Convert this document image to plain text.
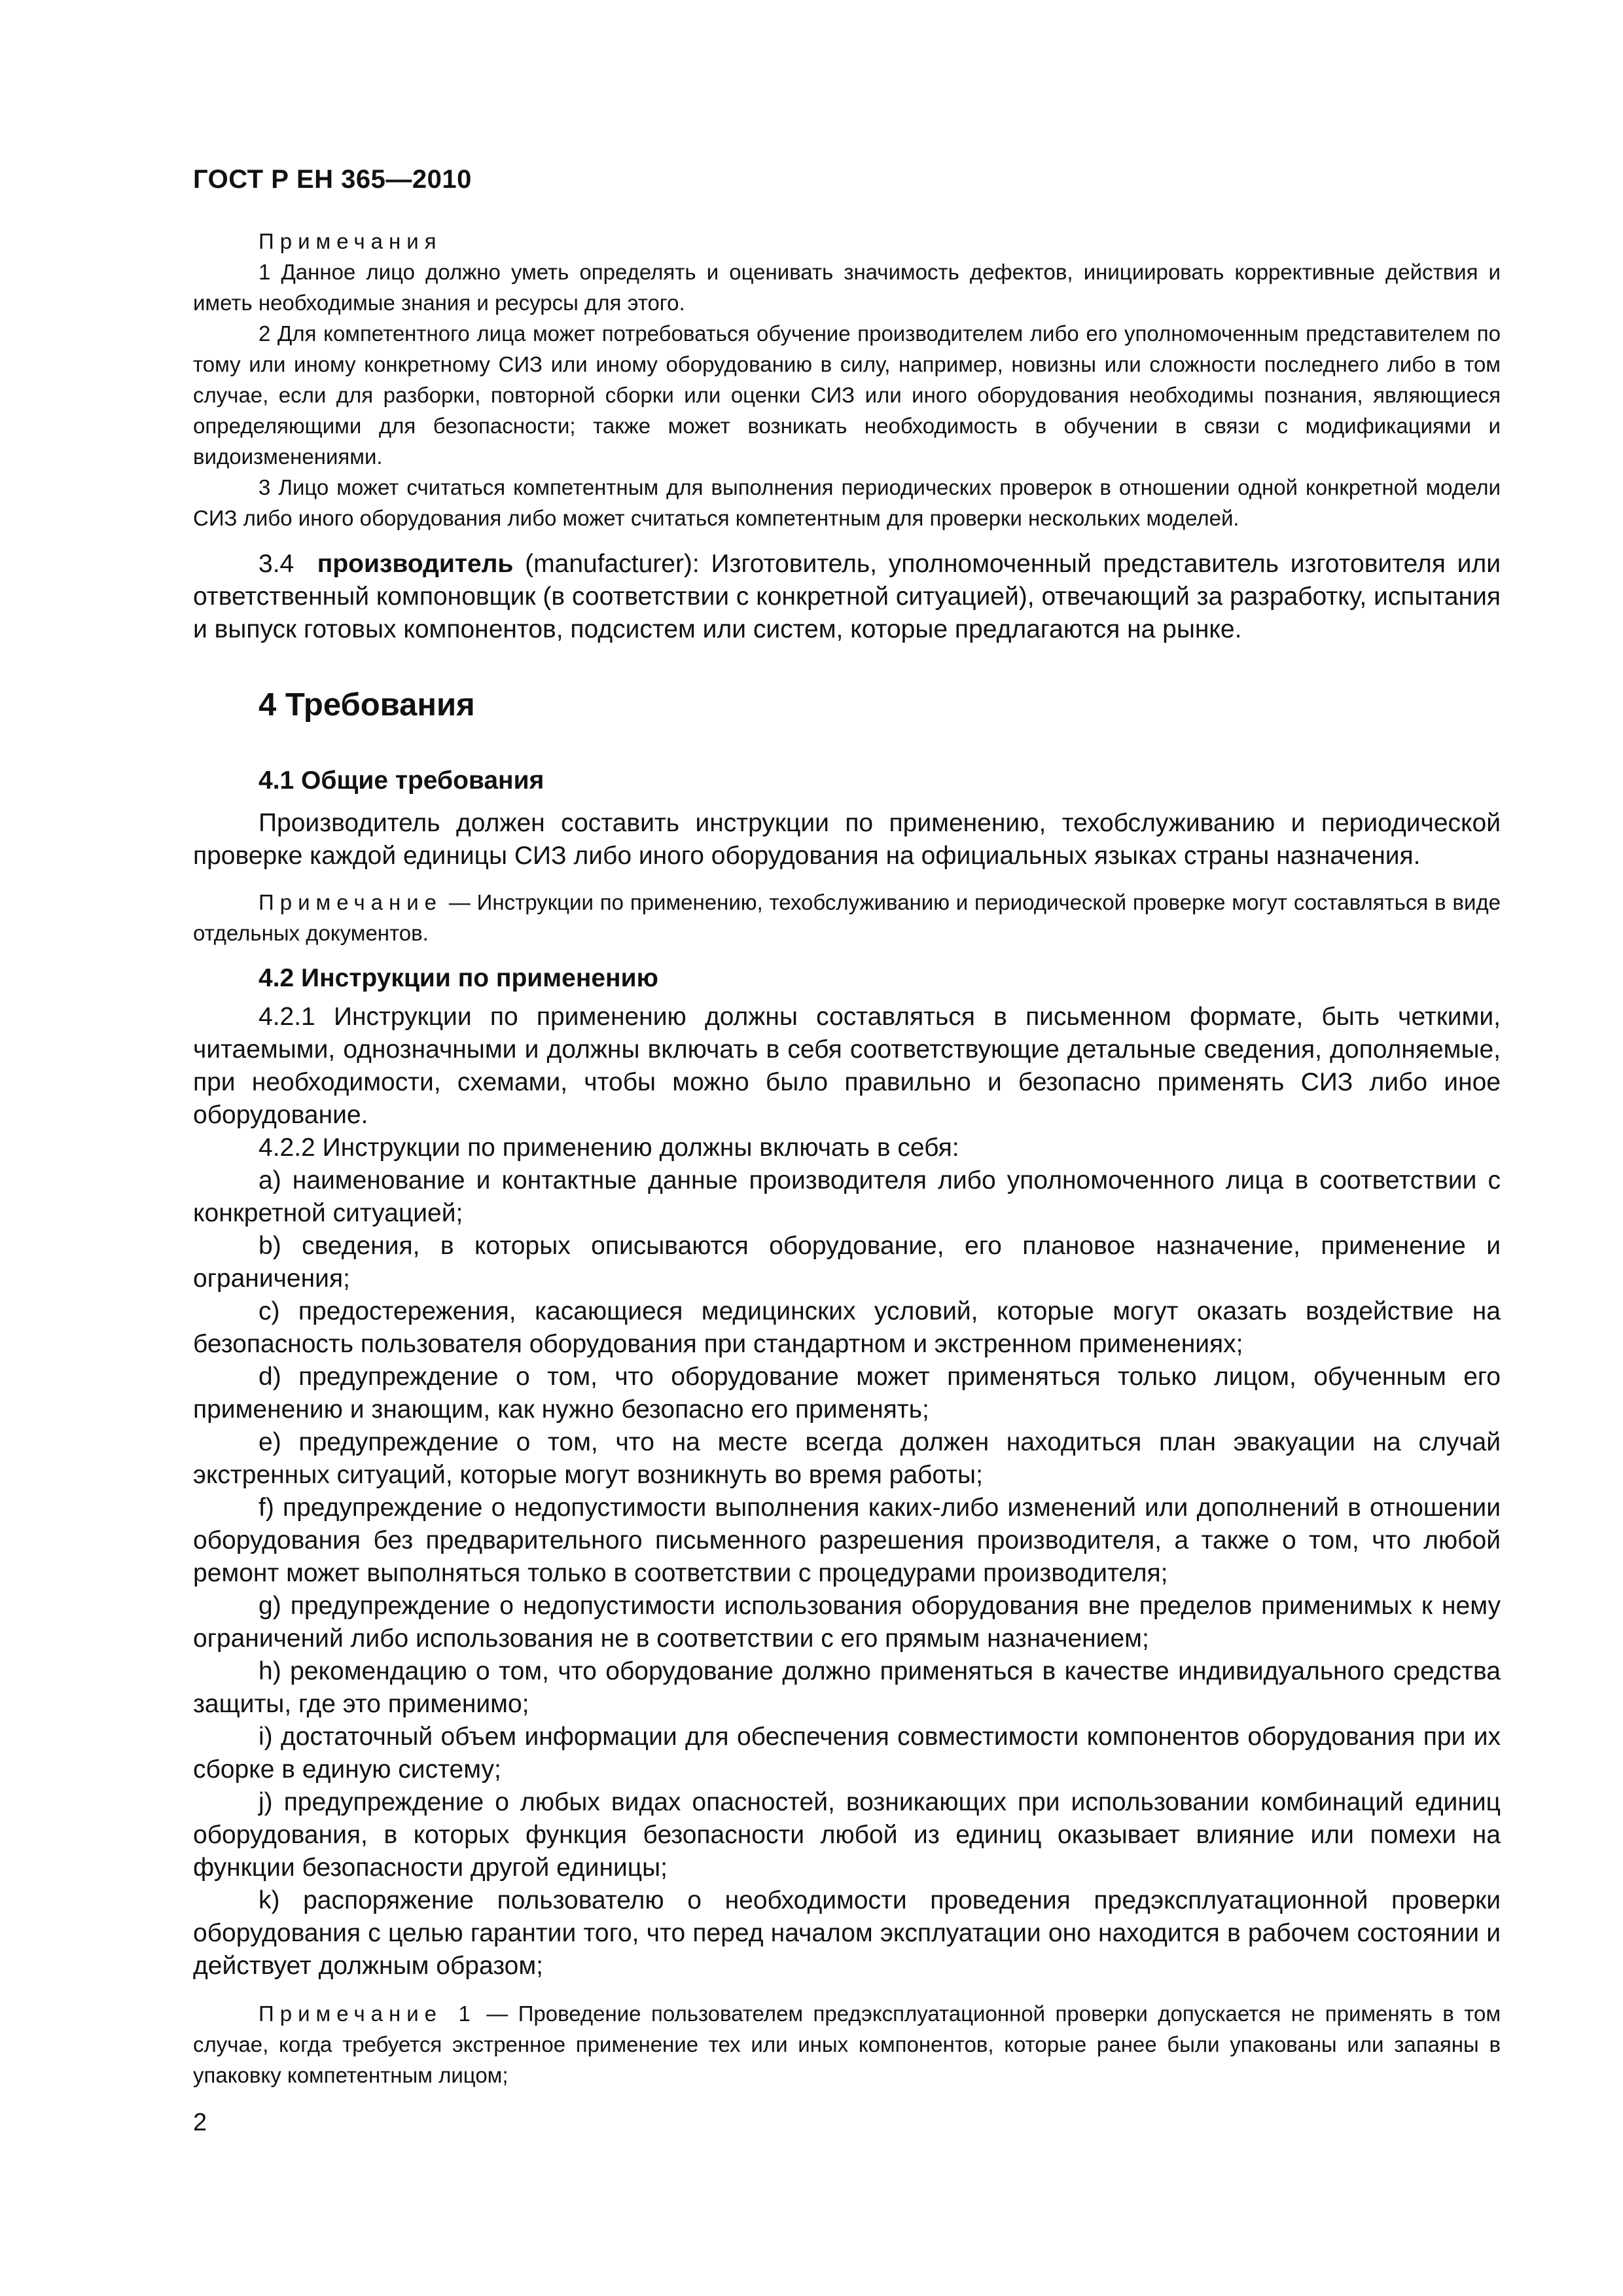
ГОСТ Р ЕН 365—2010

Примечания

1 Данное лицо должно уметь определять и оценивать значимость дефектов, инициировать коррективные действия и иметь необходимые знания и ресурсы для этого.

2 Для компетентного лица может потребоваться обучение производителем либо его уполномоченным представителем по тому или иному конкретному СИЗ или иному оборудованию в силу, например, новизны или сложности последнего либо в том случае, если для разборки, повторной сборки или оценки СИЗ или иного оборудования необходимы познания, являющиеся определяющими для безопасности; также может возникать необходимость в обучении в связи с модификациями и видоизменениями.

3 Лицо может считаться компетентным для выполнения периодических проверок в отношении одной конкретной модели СИЗ либо иного оборудования либо может считаться компетентным для проверки нескольких моделей.

3.4 производитель (manufacturer): Изготовитель, уполномоченный представитель изготовителя или ответственный компоновщик (в соответствии с конкретной ситуацией), отвечающий за разработку, испытания и выпуск готовых компонентов, подсистем или систем, которые предлагаются на рынке.

4 Требования
4.1 Общие требования

Производитель должен составить инструкции по применению, техобслуживанию и периодической проверке каждой единицы СИЗ либо иного оборудования на официальных языках страны назначения.

Примечание — Инструкции по применению, техобслуживанию и периодической проверке могут составляться в виде отдельных документов.

4.2 Инструкции по применению

4.2.1 Инструкции по применению должны составляться в письменном формате, быть четкими, читаемыми, однозначными и должны включать в себя соответствующие детальные сведения, дополняемые, при необходимости, схемами, чтобы можно было правильно и безопасно применять СИЗ либо иное оборудование.

4.2.2 Инструкции по применению должны включать в себя:

a) наименование и контактные данные производителя либо уполномоченного лица в соответствии с конкретной ситуацией;

b) сведения, в которых описываются оборудование, его плановое назначение, применение и ограничения;

c) предостережения, касающиеся медицинских условий, которые могут оказать воздействие на безопасность пользователя оборудования при стандартном и экстренном применениях;

d) предупреждение о том, что оборудование может применяться только лицом, обученным его применению и знающим, как нужно безопасно его применять;

e) предупреждение о том, что на месте всегда должен находиться план эвакуации на случай экстренных ситуаций, которые могут возникнуть во время работы;

f) предупреждение о недопустимости выполнения каких-либо изменений или дополнений в отношении оборудования без предварительного письменного разрешения производителя, а также о том, что любой ремонт может выполняться только в соответствии с процедурами производителя;

g) предупреждение о недопустимости использования оборудования вне пределов применимых к нему ограничений либо использования не в соответствии с его прямым назначением;

h) рекомендацию о том, что оборудование должно применяться в качестве индивидуального средства защиты, где это применимо;

i) достаточный объем информации для обеспечения совместимости компонентов оборудования при их сборке в единую систему;

j) предупреждение о любых видах опасностей, возникающих при использовании комбинаций единиц оборудования, в которых функция безопасности любой из единиц оказывает влияние или помехи на функции безопасности другой единицы;

k) распоряжение пользователю о необходимости проведения предэксплуатационной проверки оборудования с целью гарантии того, что перед началом эксплуатации оно находится в рабочем состоянии и действует должным образом;

Примечание 1 — Проведение пользователем предэксплуатационной проверки допускается не применять в том случае, когда требуется экстренное применение тех или иных компонентов, которые ранее были упакованы или запаяны в упаковку компетентным лицом;

2
